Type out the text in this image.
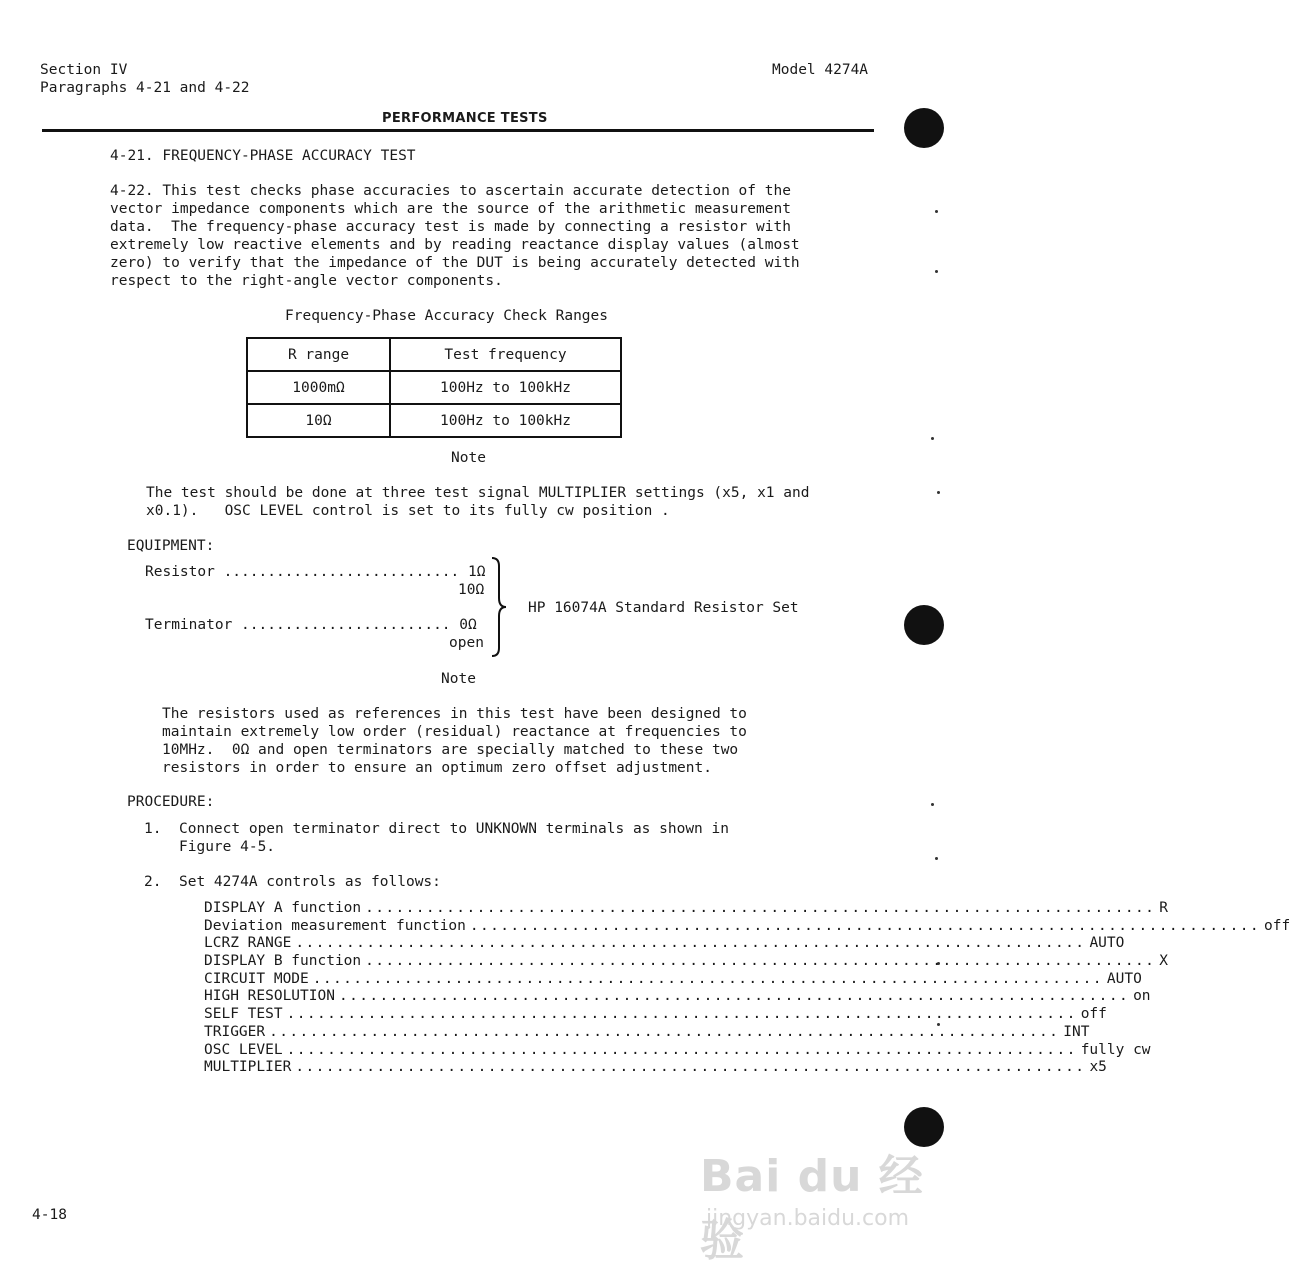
Section IV
Paragraphs 4-21 and 4-22
Model 4274A
PERFORMANCE TESTS
4-21. FREQUENCY-PHASE ACCURACY TEST
4-22. This test checks phase accuracies to ascertain accurate detection of the
vector impedance components which are the source of the arithmetic measurement
data.  The frequency-phase accuracy test is made by connecting a resistor with
extremely low reactive elements and by reading reactance display values (almost
zero) to verify that the impedance of the DUT is being accurately detected with
respect to the right-angle vector components.
Frequency-Phase Accuracy Check Ranges
R range	Test frequency
1000mΩ	100Hz to 100kHz
10Ω	100Hz to 100kHz
Note
The test should be done at three test signal MULTIPLIER settings (x5, x1 and
x0.1).   OSC LEVEL control is set to its fully cw position .
EQUIPMENT:
Resistor ........................... 1Ω
10Ω
Terminator ........................ 0Ω
open
HP 16074A Standard Resistor Set
Note
The resistors used as references in this test have been designed to
maintain extremely low order (residual) reactance at frequencies to
10MHz.  0Ω and open terminators are specially matched to these two
resistors in order to ensure an optimum zero offset adjustment.
PROCEDURE:
1. Connect open terminator direct to UNKNOWN terminals as shown in
Figure 4-5.
2. Set 4274A controls as follows:
DISPLAY A function .............................................................................. R
Deviation measurement function .............................................................................. off
LCRZ RANGE .............................................................................. AUTO
DISPLAY B function .............................................................................. X
CIRCUIT MODE .............................................................................. AUTO
HIGH RESOLUTION .............................................................................. on
SELF TEST .............................................................................. off
TRIGGER .............................................................................. INT
OSC LEVEL .............................................................................. fully cw
MULTIPLIER .............................................................................. x5
4-18
Bai du 经验
jingyan.baidu.com
